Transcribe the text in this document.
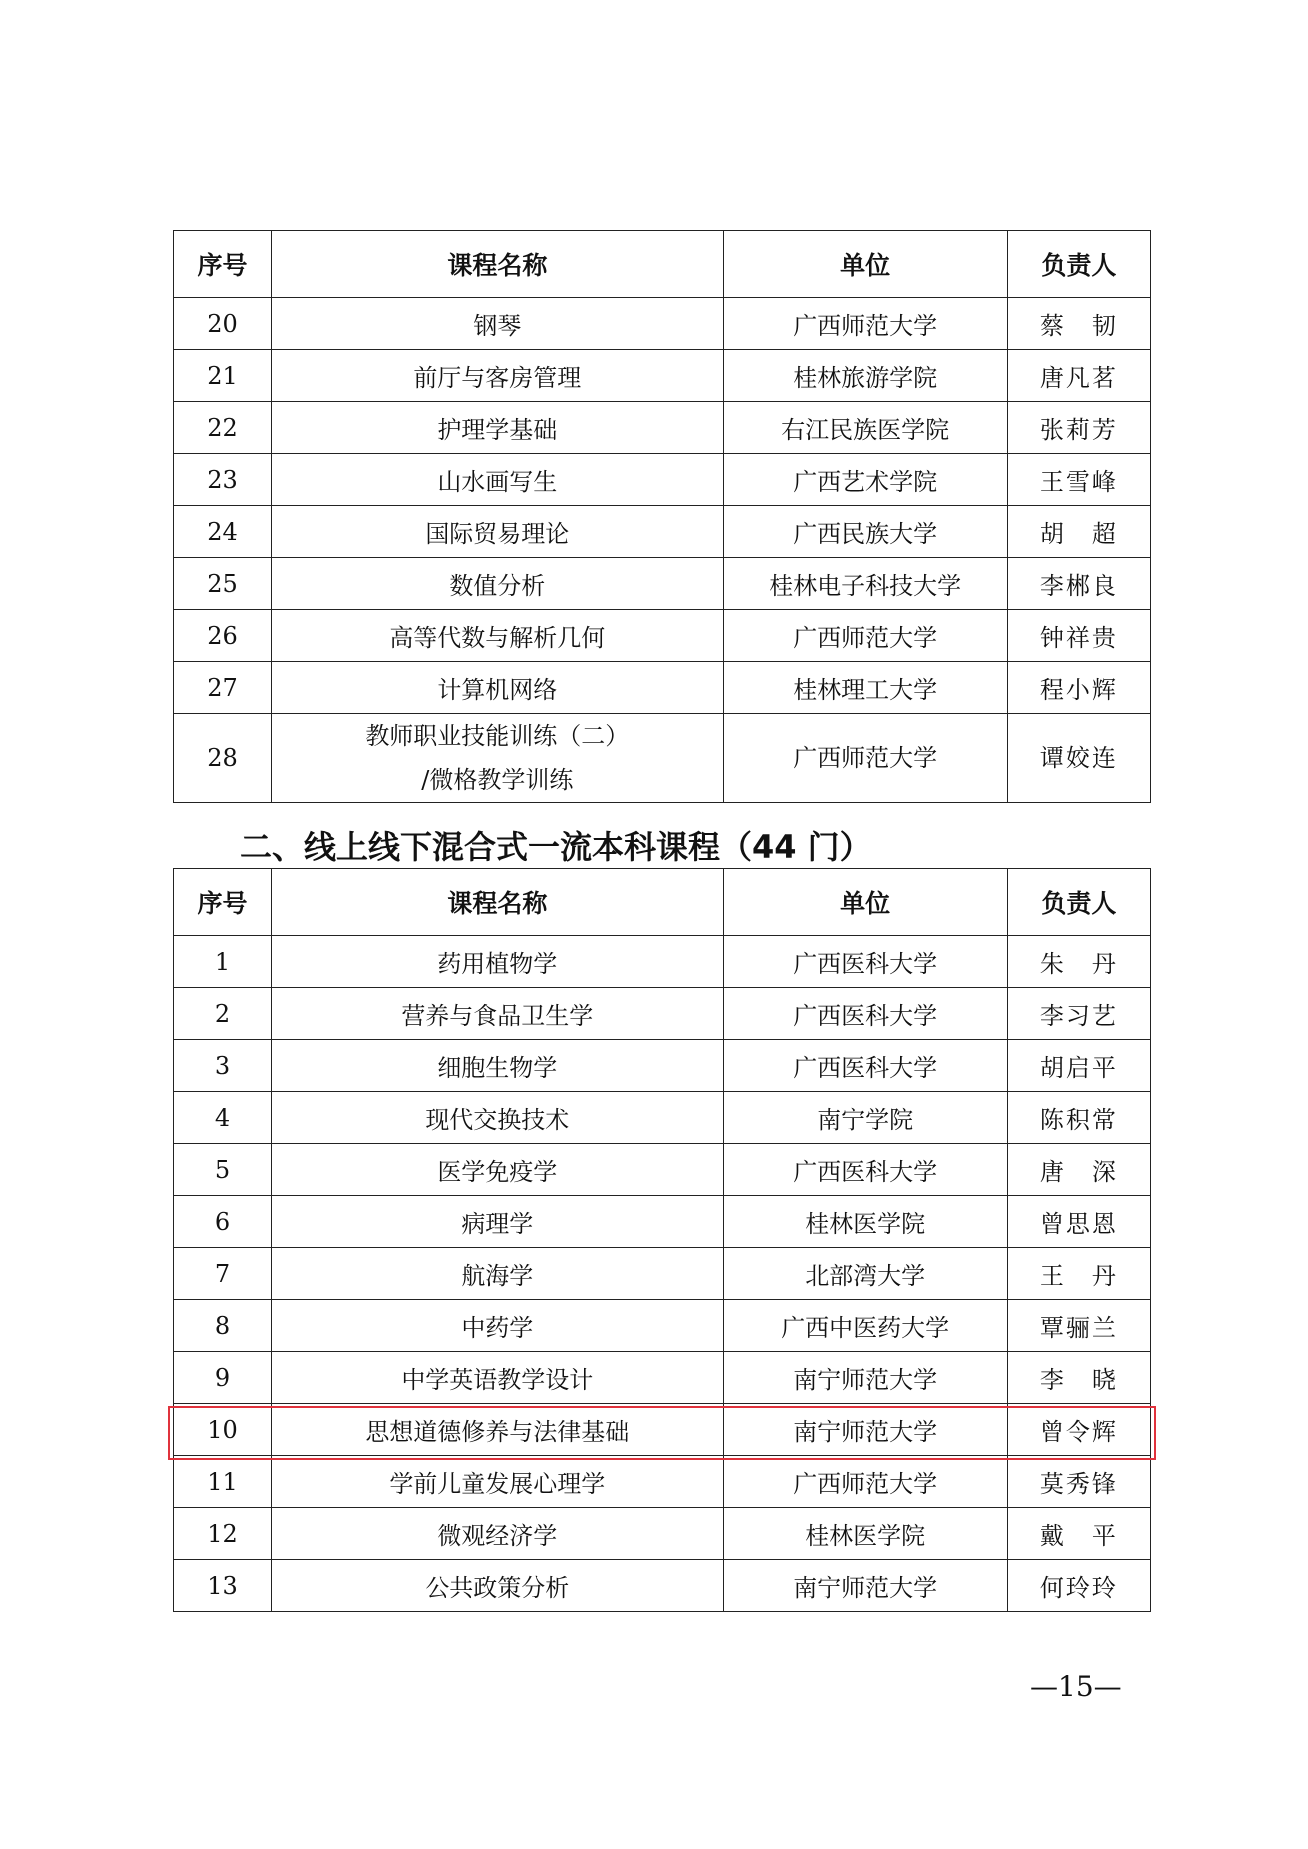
序号	课程名称	单位	负责人
20	钢琴	广西师范大学	蔡　韧
21	前厅与客房管理	桂林旅游学院	唐凡茗
22	护理学基础	右江民族医学院	张莉芳
23	山水画写生	广西艺术学院	王雪峰
24	国际贸易理论	广西民族大学	胡　超
25	数值分析	桂林电子科技大学	李郴良
26	高等代数与解析几何	广西师范大学	钟祥贵
27	计算机网络	桂林理工大学	程小辉
28	教师职业技能训练（二）
/微格教学训练	广西师范大学	谭姣连
二、线上线下混合式一流本科课程（44 门）
序号	课程名称	单位	负责人
1	药用植物学	广西医科大学	朱　丹
2	营养与食品卫生学	广西医科大学	李习艺
3	细胞生物学	广西医科大学	胡启平
4	现代交换技术	南宁学院	陈积常
5	医学免疫学	广西医科大学	唐　深
6	病理学	桂林医学院	曾思恩
7	航海学	北部湾大学	王　丹
8	中药学	广西中医药大学	覃骊兰
9	中学英语教学设计	南宁师范大学	李　晓
10	思想道德修养与法律基础	南宁师范大学	曾令辉
11	学前儿童发展心理学	广西师范大学	莫秀锋
12	微观经济学	桂林医学院	戴　平
13	公共政策分析	南宁师范大学	何玲玲
—15—
